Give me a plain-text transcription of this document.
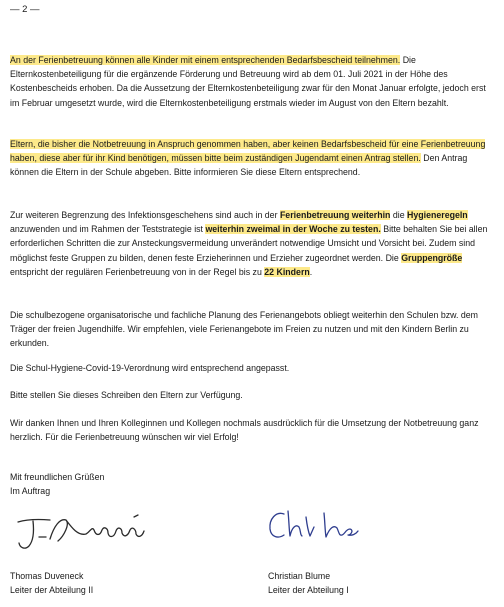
— 2 —

An der Ferienbetreuung können alle Kinder mit einem entsprechenden Bedarfsbescheid teilnehmen. Die Elternkostenbeteiligung für die ergänzende Förderung und Betreuung wird ab dem 01. Juli 2021 in der Höhe des Kostenbescheids erhoben. Da die Aussetzung der Elternkostenbeteiligung zwar für den Monat Januar erfolgte, jedoch erst im Februar umgesetzt wurde, wird die Elternkostenbeteiligung erstmals wieder im August von den Eltern bezahlt.

Eltern, die bisher die Notbetreuung in Anspruch genommen haben, aber keinen Bedarfsbescheid für eine Ferienbetreuung haben, diese aber für ihr Kind benötigen, müssen bitte beim zuständigen Jugendamt einen Antrag stellen. Den Antrag können die Eltern in der Schule abgeben. Bitte informieren Sie diese Eltern entsprechend.

Zur weiteren Begrenzung des Infektionsgeschehens sind auch in der Ferienbetreuung weiterhin die Hygieneregeln anzuwenden und im Rahmen der Teststrategie ist weiterhin zweimal in der Woche zu testen. Bitte behalten Sie bei allen erforderlichen Schritten die zur Ansteckungsvermeidung unverändert notwendige Umsicht und Vorsicht bei. Zudem sind möglichst feste Gruppen zu bilden, denen feste Erzieherinnen und Erzieher zugeordnet werden. Die Gruppengröße entspricht der regulären Ferienbetreuung von in der Regel bis zu 22 Kindern.

Die schulbezogene organisatorische und fachliche Planung des Ferienangebots obliegt weiterhin den Schulen bzw. dem Träger der freien Jugendhilfe. Wir empfehlen, viele Ferienangebote im Freien zu nutzen und mit den Kindern Berlin zu erkunden.

Die Schul-Hygiene-Covid-19-Verordnung wird entsprechend angepasst.

Bitte stellen Sie dieses Schreiben den Eltern zur Verfügung.

Wir danken Ihnen und Ihren Kolleginnen und Kollegen nochmals ausdrücklich für die Umsetzung der Notbetreuung ganz herzlich. Für die Ferienbetreuung wünschen wir viel Erfolg!

Mit freundlichen Grüßen

Im Auftrag

Thomas Duveneck
Leiter der Abteilung II
Christian Blume
Leiter der Abteilung I
